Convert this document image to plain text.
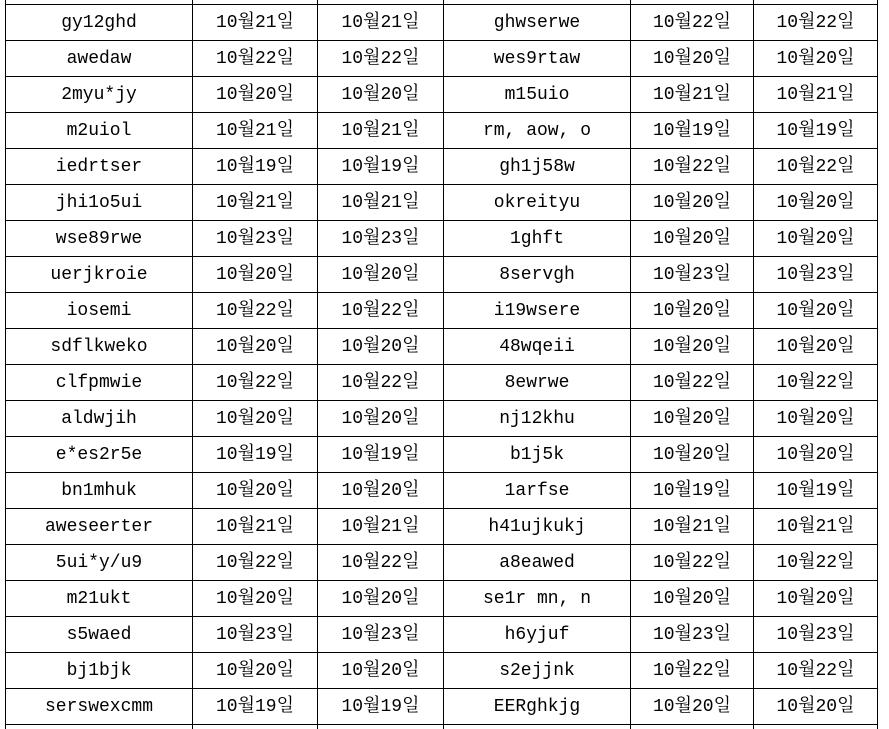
gy12ghd	10월21일	10월21일	ghwserwe	10월22일	10월22일
awedaw	10월22일	10월22일	wes9rtaw	10월20일	10월20일
2myu*jy	10월20일	10월20일	m15uio	10월21일	10월21일
m2uiol	10월21일	10월21일	rm, aow, o	10월19일	10월19일
iedrtser	10월19일	10월19일	gh1j58w	10월22일	10월22일
jhi1o5ui	10월21일	10월21일	okreityu	10월20일	10월20일
wse89rwe	10월23일	10월23일	1ghft	10월20일	10월20일
uerjkroie	10월20일	10월20일	8servgh	10월23일	10월23일
iosemi	10월22일	10월22일	i19wsere	10월20일	10월20일
sdflkweko	10월20일	10월20일	48wqeii	10월20일	10월20일
clfpmwie	10월22일	10월22일	8ewrwe	10월22일	10월22일
aldwjih	10월20일	10월20일	nj12khu	10월20일	10월20일
e*es2r5e	10월19일	10월19일	b1j5k	10월20일	10월20일
bn1mhuk	10월20일	10월20일	1arfse	10월19일	10월19일
aweseerter	10월21일	10월21일	h41ujkukj	10월21일	10월21일
5ui*y/u9	10월22일	10월22일	a8eawed	10월22일	10월22일
m21ukt	10월20일	10월20일	se1r mn, n	10월20일	10월20일
s5waed	10월23일	10월23일	h6yjuf	10월23일	10월23일
bj1bjk	10월20일	10월20일	s2ejjnk	10월22일	10월22일
serswexcmm	10월19일	10월19일	EERghkjg	10월20일	10월20일
